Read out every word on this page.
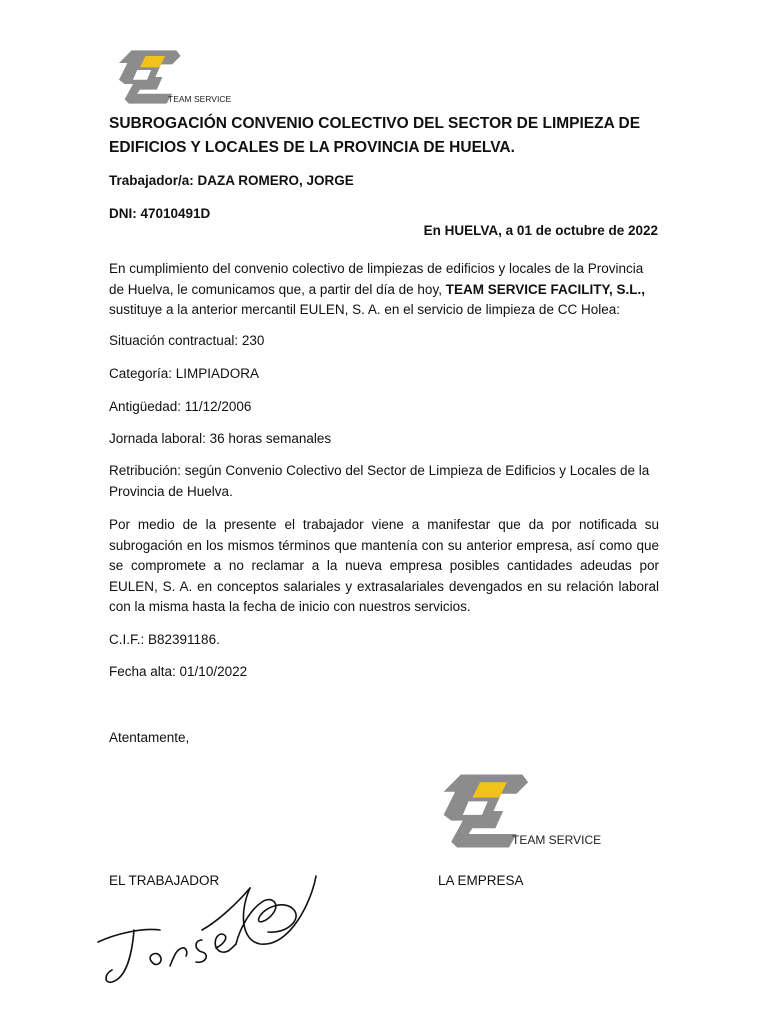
TEAM SERVICE
SUBROGACIÓN CONVENIO COLECTIVO DEL SECTOR DE LIMPIEZA DE EDIFICIOS Y LOCALES DE LA PROVINCIA DE HUELVA.

Trabajador/a: DAZA ROMERO, JORGE

DNI: 47010491D

En HUELVA, a 01 de octubre de 2022

En cumplimiento del convenio colectivo de limpiezas de edificios y locales de la Provincia de Huelva, le comunicamos que, a partir del día de hoy, TEAM SERVICE FACILITY, S.L., sustituye a la anterior mercantil EULEN, S. A. en el servicio de limpieza de CC Holea:

Situación contractual: 230

Categoría: LIMPIADORA

Antigüedad: 11/12/2006

Jornada laboral: 36 horas semanales

Retribución: según Convenio Colectivo del Sector de Limpieza de Edificios y Locales de la Provincia de Huelva.

Por medio de la presente el trabajador viene a manifestar que da por notificada su subrogación en los mismos términos que mantenía con su anterior empresa, así como que se compromete a no reclamar a la nueva empresa posibles cantidades adeudas por EULEN, S. A. en conceptos salariales y extrasalariales devengados en su relación laboral con la misma hasta la fecha de inicio con nuestros servicios.

C.I.F.: B82391186.

Fecha alta: 01/10/2022

Atentamente,

TEAM SERVICE

EL TRABAJADOR	LA EMPRESA
